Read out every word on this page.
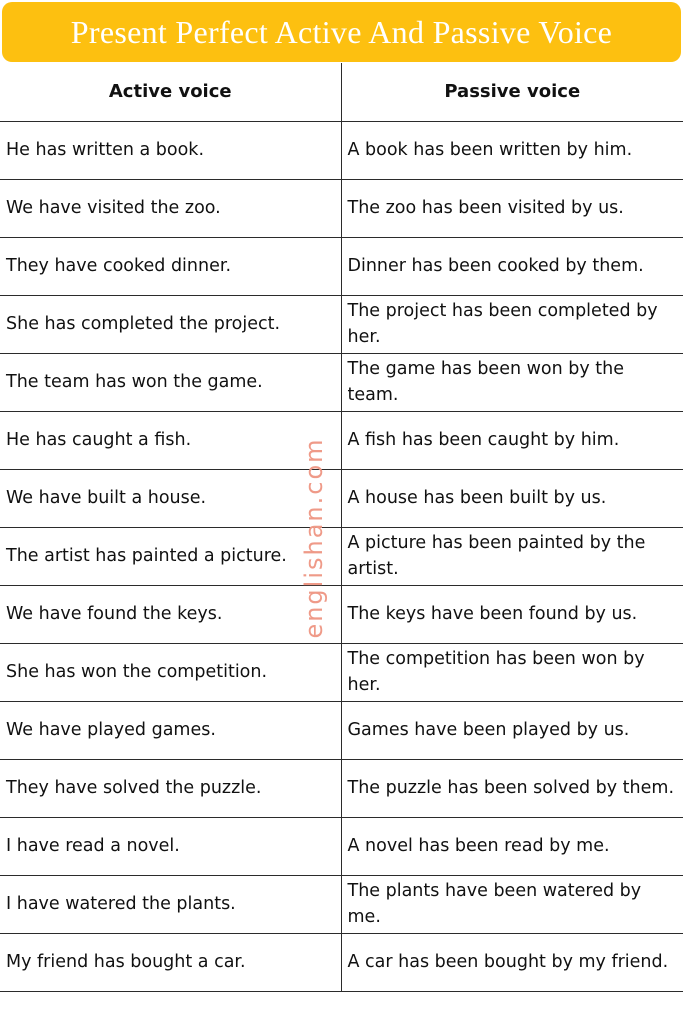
Present Perfect Active And Passive Voice
Active voice	Passive voice
He has written a book.	A book has been written by him.
We have visited the zoo.	The zoo has been visited by us.
They have cooked dinner.	Dinner has been cooked by them.
She has completed the project.	The project has been completed by her.
The team has won the game.	The game has been won by the team.
He has caught a fish.	A fish has been caught by him.
We have built a house.	A house has been built by us.
The artist has painted a picture.	A picture has been painted by the artist.
We have found the keys.	The keys have been found by us.
She has won the competition.	The competition has been won by her.
We have played games.	Games have been played by us.
They have solved the puzzle.	The puzzle has been solved by them.
I have read a novel.	A novel has been read by me.
I have watered the plants.	The plants have been watered by me.
My friend has bought a car.	A car has been bought by my friend.
englishan.com
